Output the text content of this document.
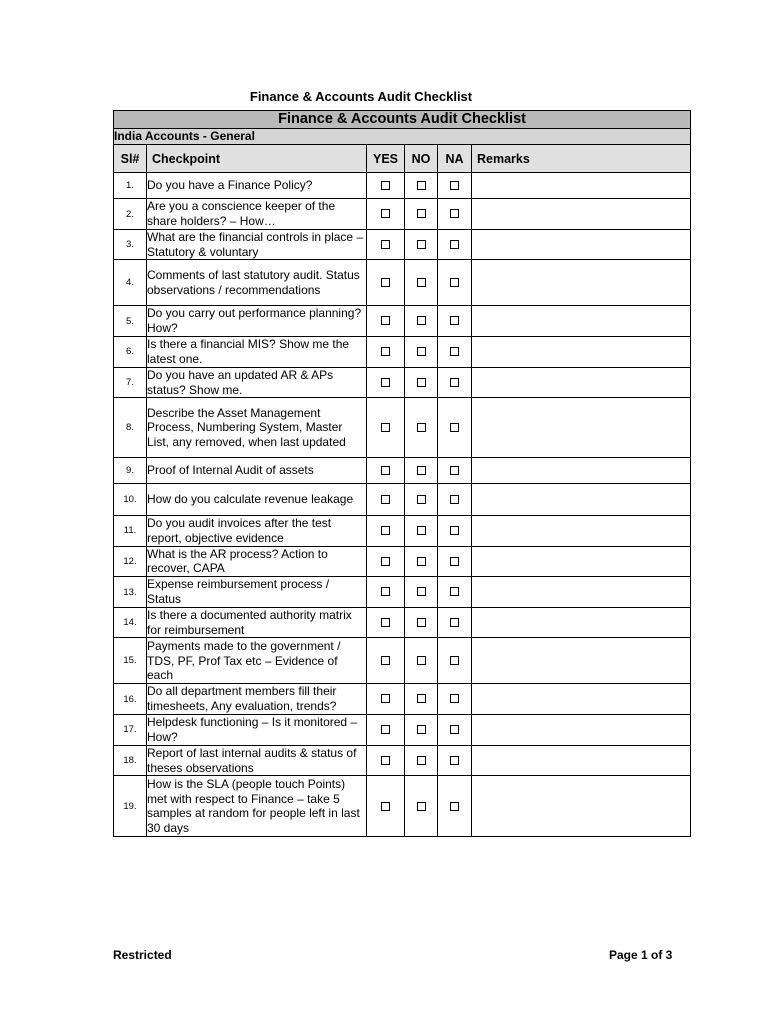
Finance & Accounts Audit Checklist
Finance & Accounts Audit Checklist					
India Accounts - General					
Sl#	Checkpoint	YES	NO	NA	Remarks
1.	Do you have a Finance Policy?				
2.	Are you a conscience keeper of the share holders? – How…				
3.	What are the financial controls in place – Statutory & voluntary				
4.	Comments of last statutory audit. Status observations / recommendations				
5.	Do you carry out performance planning? How?				
6.	Is there a financial MIS? Show me the latest one.				
7.	Do you have an updated AR & APs status? Show me.				
8.	Describe the Asset Management Process, Numbering System, Master List, any removed, when last updated				
9.	Proof of Internal Audit of assets				
10.	How do you calculate revenue leakage				
11.	Do you audit invoices after the test report, objective evidence				
12.	What is the AR process? Action to recover, CAPA				
13.	Expense reimbursement process / Status				
14.	Is there a documented authority matrix for reimbursement				
15.	Payments made to the government / TDS, PF, Prof Tax etc – Evidence of each				
16.	Do all department members fill their timesheets, Any evaluation, trends?				
17.	Helpdesk functioning – Is it monitored – How?				
18.	Report of last internal audits & status of theses observations				
19.	How is the SLA (people touch Points) met with respect to Finance – take 5 samples at random for people left in last 30 days				
Restricted	Page 1 of 3
